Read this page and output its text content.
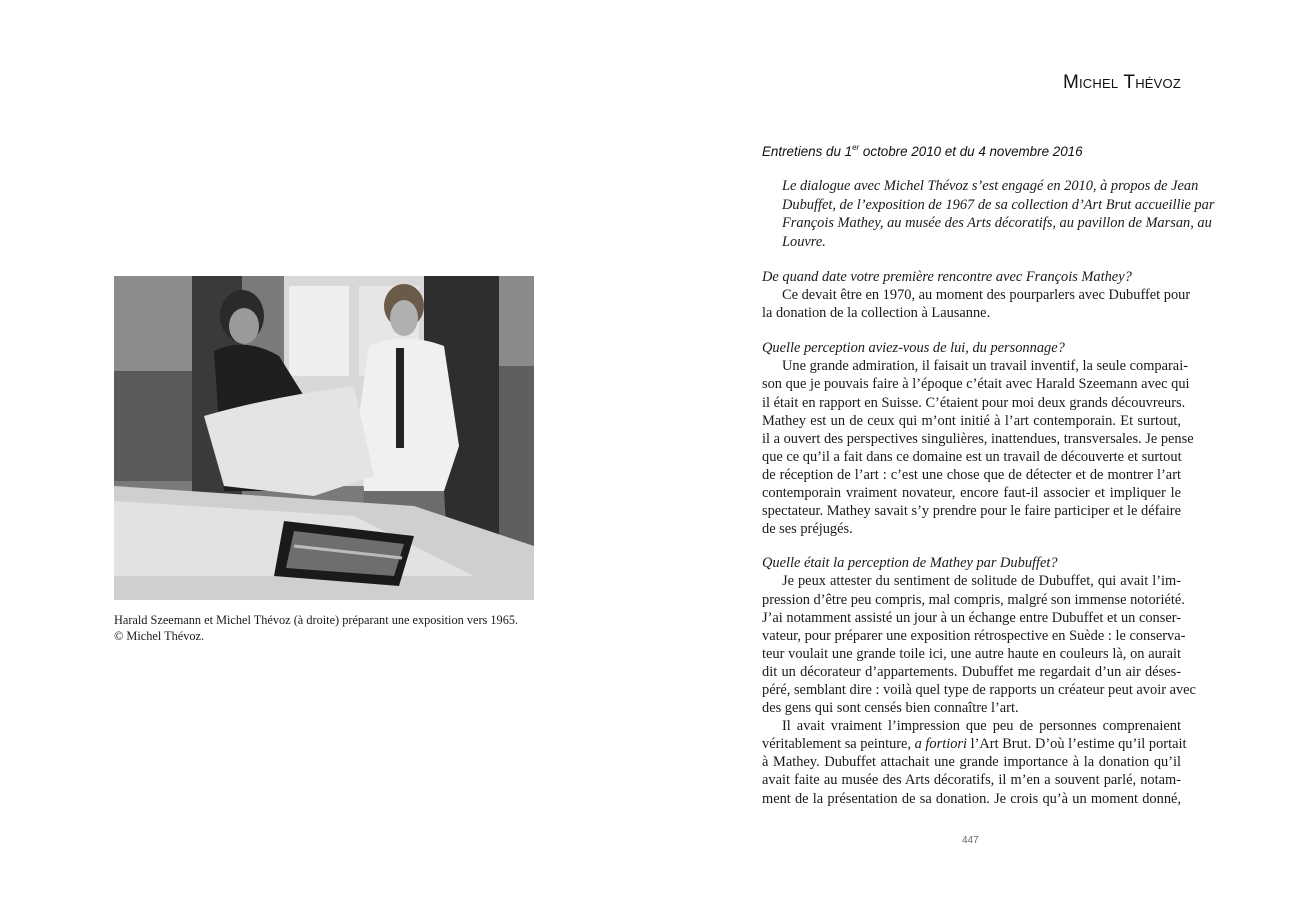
Harald Szeemann et Michel Thévoz (à droite) préparant une exposition vers 1965.
© Michel Thévoz.
Michel Thévoz
Entretiens du 1er octobre 2010 et du 4 novembre 2016
Le dialogue avec Michel Thévoz s’est engagé en 2010, à propos de Jean
Dubuffet, de l’exposition de 1967 de sa collection d’Art Brut accueillie par
François Mathey, au musée des Arts décoratifs, au pavillon de Marsan, au
Louvre.
De quand date votre première rencontre avec François Mathey?
Ce devait être en 1970, au moment des pourparlers avec Dubuffet pour
la donation de la collection à Lausanne.
Quelle perception aviez-vous de lui, du personnage?
Une grande admiration, il faisait un travail inventif, la seule comparai-
son que je pouvais faire à l’époque c’était avec Harald Szeemann avec qui
il était en rapport en Suisse. C’étaient pour moi deux grands découvreurs.
Mathey est un de ceux qui m’ont initié à l’art contemporain. Et surtout,
il a ouvert des perspectives singulières, inattendues, transversales. Je pense
que ce qu’il a fait dans ce domaine est un travail de découverte et surtout
de réception de l’art : c’est une chose que de détecter et de montrer l’art
contemporain vraiment novateur, encore faut-il associer et impliquer le
spectateur. Mathey savait s’y prendre pour le faire participer et le défaire
de ses préjugés.
Quelle était la perception de Mathey par Dubuffet?
Je peux attester du sentiment de solitude de Dubuffet, qui avait l’im-
pression d’être peu compris, mal compris, malgré son immense notoriété.
J’ai notamment assisté un jour à un échange entre Dubuffet et un conser-
vateur, pour préparer une exposition rétrospective en Suède : le conserva-
teur voulait une grande toile ici, une autre haute en couleurs là, on aurait
dit un décorateur d’appartements. Dubuffet me regardait d’un air déses-
péré, semblant dire : voilà quel type de rapports un créateur peut avoir avec
des gens qui sont censés bien connaître l’art.
Il avait vraiment l’impression que peu de personnes comprenaient
véritablement sa peinture, a fortiori l’Art Brut. D’où l’estime qu’il portait
à Mathey. Dubuffet attachait une grande importance à la donation qu’il
avait faite au musée des Arts décoratifs, il m’en a souvent parlé, notam-
ment de la présentation de sa donation. Je crois qu’à un moment donné,
447
